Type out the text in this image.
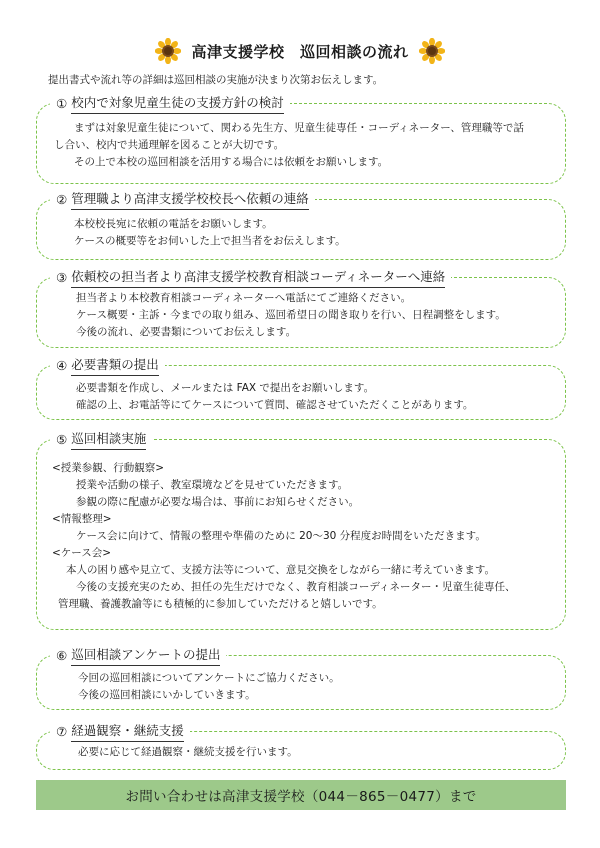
高津支援学校　巡回相談の流れ
提出書式や流れ等の詳細は巡回相談の実施が決まり次第お伝えします。
① 校内で対象児童生徒の支援方針の検討
まずは対象児童生徒について、関わる先生方、児童生徒専任・コーディネーター、管理職等で話
し合い、校内で共通理解を図ることが大切です。
その上で本校の巡回相談を活用する場合には依頼をお願いします。
② 管理職より高津支援学校校長へ依頼の連絡
本校校長宛に依頼の電話をお願いします。
ケースの概要等をお伺いした上で担当者をお伝えします。
③ 依頼校の担当者より高津支援学校教育相談コーディネーターへ連絡
担当者より本校教育相談コーディネーターへ電話にてご連絡ください。
ケース概要・主訴・今までの取り組み、巡回希望日の聞き取りを行い、日程調整をします。
今後の流れ、必要書類についてお伝えします。
④ 必要書類の提出
必要書類を作成し、メールまたは FAX で提出をお願いします。
確認の上、お電話等にてケースについて質問、確認させていただくことがあります。
⑤ 巡回相談実施
<授業参観、行動観察>
授業や活動の様子、教室環境などを見せていただきます。
参観の際に配慮が必要な場合は、事前にお知らせください。
<情報整理>
ケース会に向けて、情報の整理や準備のために 20～30 分程度お時間をいただきます。
<ケース会>
本人の困り感や見立て、支援方法等について、意見交換をしながら一緒に考えていきます。
今後の支援充実のため、担任の先生だけでなく、教育相談コーディネーター・児童生徒専任、
管理職、養護教諭等にも積極的に参加していただけると嬉しいです。
⑥ 巡回相談アンケートの提出
今回の巡回相談についてアンケートにご協力ください。
今後の巡回相談にいかしていきます。
⑦ 経過観察・継続支援
必要に応じて経過観察・継続支援を行います。
お問い合わせは高津支援学校（044－865－0477）まで
